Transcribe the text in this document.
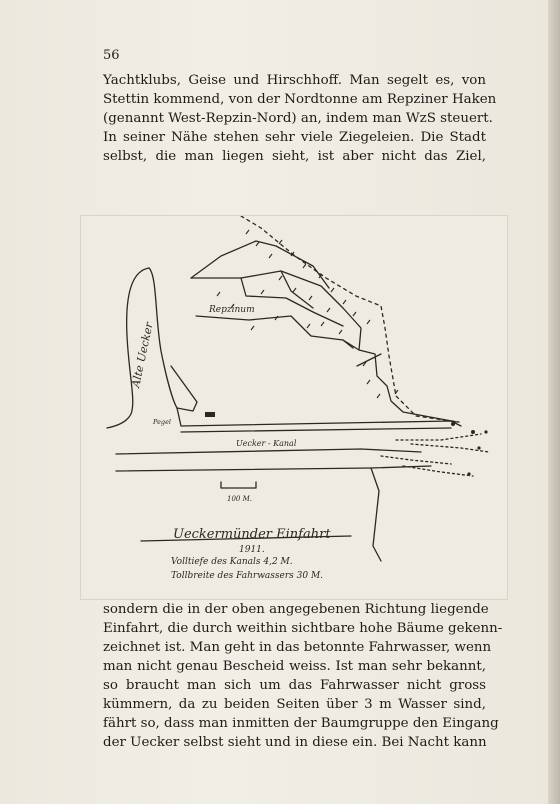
56

Yachtklubs, Geise und Hirschhoff. Man segelt es, von
Stettin kommend, von der Nordtonne am Repziner Haken
(genannt West-Repzin-Nord) an, indem man WzS steuert.
In seiner Nähe stehen sehr viele Ziegeleien. Die Stadt
selbst, die man liegen sieht, ist aber nicht das Ziel,

Alte Uecker
Repzinum
Pegel
Uecker - Kanal
100 M.
Ueckermünder Einfahrt
1911.
Volltiefe des Kanals 4,2 M.
Tollbreite des Fahrwassers 30 M.

sondern die in der oben angegebenen Richtung liegende
Einfahrt, die durch weithin sichtbare hohe Bäume gekenn-
zeichnet ist. Man geht in das betonnte Fahrwasser, wenn
man nicht genau Bescheid weiss. Ist man sehr bekannt,
so braucht man sich um das Fahrwasser nicht gross
kümmern, da zu beiden Seiten über 3 m Wasser sind,
fährt so, dass man inmitten der Baumgruppe den Eingang
der Uecker selbst sieht und in diese ein. Bei Nacht kann
